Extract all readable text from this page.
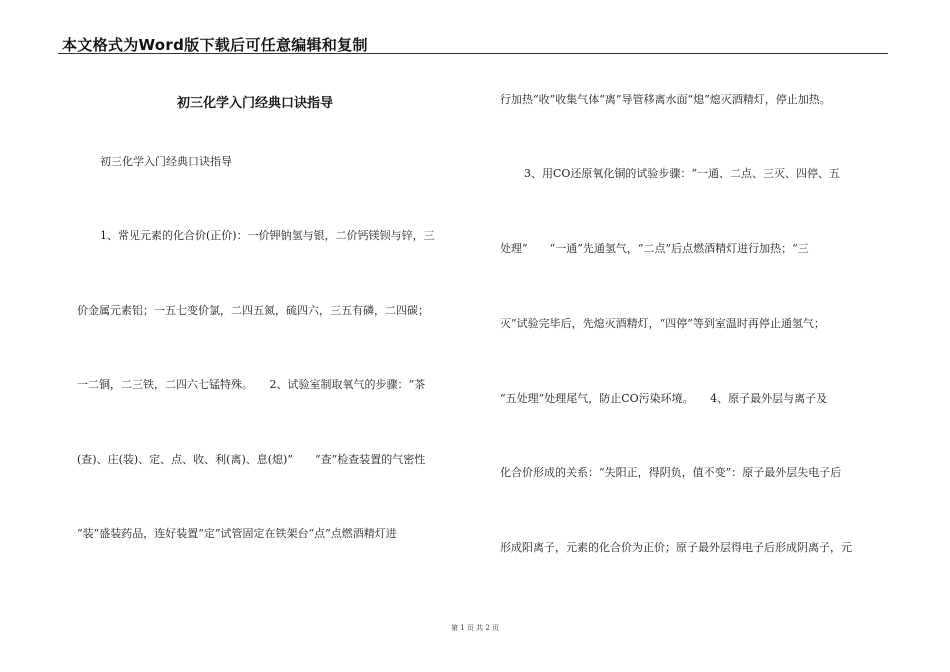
本文格式为Word版下载后可任意编辑和复制
初三化学入门经典口诀指导
初三化学入门经典口诀指导
1、常见元素的化合价(正价)：一价钾钠氢与银，二价钙镁钡与锌，三
价金属元素铝；一五七变价氯，二四五氮，硫四六，三五有磷，二四碳；
一二铜，二三铁，二四六七锰特殊。　　2、试验室制取氧气的步骤：“茶
(查)、庄(装)、定、点、收、利(离)、息(熄)”　　“查”检查装置的气密性
“装”盛装药品，连好装置“定”试管固定在铁架台“点”点燃酒精灯进
行加热“收”收集气体“离”导管移离水面“熄”熄灭酒精灯，停止加热。
3、用CO还原氧化铜的试验步骤：“一通、二点、三灭、四停、五
处理”　　“一通”先通氢气，“二点”后点燃酒精灯进行加热；“三
灭”试验完毕后，先熄灭酒精灯，“四停”等到室温时再停止通氢气；
“五处理”处理尾气，防止CO污染环境。　　4、原子最外层与离子及
化合价形成的关系：“失阳正，得阴负，值不变”：原子最外层失电子后
形成阳离子，元素的化合价为正价；原子最外层得电子后形成阴离子，元
第 1 页 共 2 页
